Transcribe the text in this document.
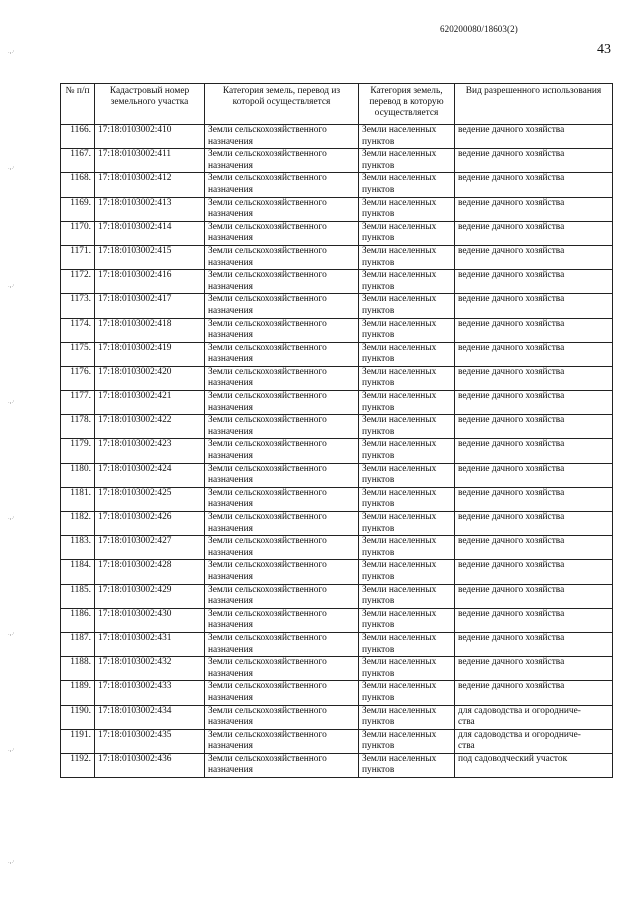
620200080/18603(2)
43
·›·'
·›·'
·›·'
·›·'
·›·'
·›·'
·›·'
·›·'
№ п/п	Кадастровый номер земельного участка	Категория земель, перевод из которой осуществляется	Категория земель, перевод в которую осуществляется	Вид разрешенного использования

1166.	17:18:0103002:410	Земли сельскохозяйственного
назначения	Земли населенных
пунктов	ведение дачного хозяйства

1167.	17:18:0103002:411	Земли сельскохозяйственного
назначения	Земли населенных
пунктов	ведение дачного хозяйства

1168.	17:18:0103002:412	Земли сельскохозяйственного
назначения	Земли населенных
пунктов	ведение дачного хозяйства

1169.	17:18:0103002:413	Земли сельскохозяйственного
назначения	Земли населенных
пунктов	ведение дачного хозяйства

1170.	17:18:0103002:414	Земли сельскохозяйственного
назначения	Земли населенных
пунктов	ведение дачного хозяйства

1171.	17:18:0103002:415	Земли сельскохозяйственного
назначения	Земли населенных
пунктов	ведение дачного хозяйства

1172.	17:18:0103002:416	Земли сельскохозяйственного
назначения	Земли населенных
пунктов	ведение дачного хозяйства

1173.	17:18:0103002:417	Земли сельскохозяйственного
назначения	Земли населенных
пунктов	ведение дачного хозяйства

1174.	17:18:0103002:418	Земли сельскохозяйственного
назначения	Земли населенных
пунктов	ведение дачного хозяйства

1175.	17:18:0103002:419	Земли сельскохозяйственного
назначения	Земли населенных
пунктов	ведение дачного хозяйства

1176.	17:18:0103002:420	Земли сельскохозяйственного
назначения	Земли населенных
пунктов	ведение дачного хозяйства

1177.	17:18:0103002:421	Земли сельскохозяйственного
назначения	Земли населенных
пунктов	ведение дачного хозяйства

1178.	17:18:0103002:422	Земли сельскохозяйственного
назначения	Земли населенных
пунктов	ведение дачного хозяйства

1179.	17:18:0103002:423	Земли сельскохозяйственного
назначения	Земли населенных
пунктов	ведение дачного хозяйства

1180.	17:18:0103002:424	Земли сельскохозяйственного
назначения	Земли населенных
пунктов	ведение дачного хозяйства

1181.	17:18:0103002:425	Земли сельскохозяйственного
назначения	Земли населенных
пунктов	ведение дачного хозяйства

1182.	17:18:0103002:426	Земли сельскохозяйственного
назначения	Земли населенных
пунктов	ведение дачного хозяйства

1183.	17:18:0103002:427	Земли сельскохозяйственного
назначения	Земли населенных
пунктов	ведение дачного хозяйства

1184.	17:18:0103002:428	Земли сельскохозяйственного
назначения	Земли населенных
пунктов	ведение дачного хозяйства

1185.	17:18:0103002:429	Земли сельскохозяйственного
назначения	Земли населенных
пунктов	ведение дачного хозяйства

1186.	17:18:0103002:430	Земли сельскохозяйственного
назначения	Земли населенных
пунктов	ведение дачного хозяйства

1187.	17:18:0103002:431	Земли сельскохозяйственного
назначения	Земли населенных
пунктов	ведение дачного хозяйства

1188.	17:18:0103002:432	Земли сельскохозяйственного
назначения	Земли населенных
пунктов	ведение дачного хозяйства

1189.	17:18:0103002:433	Земли сельскохозяйственного
назначения	Земли населенных
пунктов	ведение дачного хозяйства

1190.	17:18:0103002:434	Земли сельскохозяйственного
назначения	Земли населенных
пунктов	для садоводства и огородниче-
ства

1191.	17:18:0103002:435	Земли сельскохозяйственного
назначения	Земли населенных
пунктов	для садоводства и огородниче-
ства

1192.	17:18:0103002:436	Земли сельскохозяйственного
назначения	Земли населенных
пунктов	под садоводческий участок
